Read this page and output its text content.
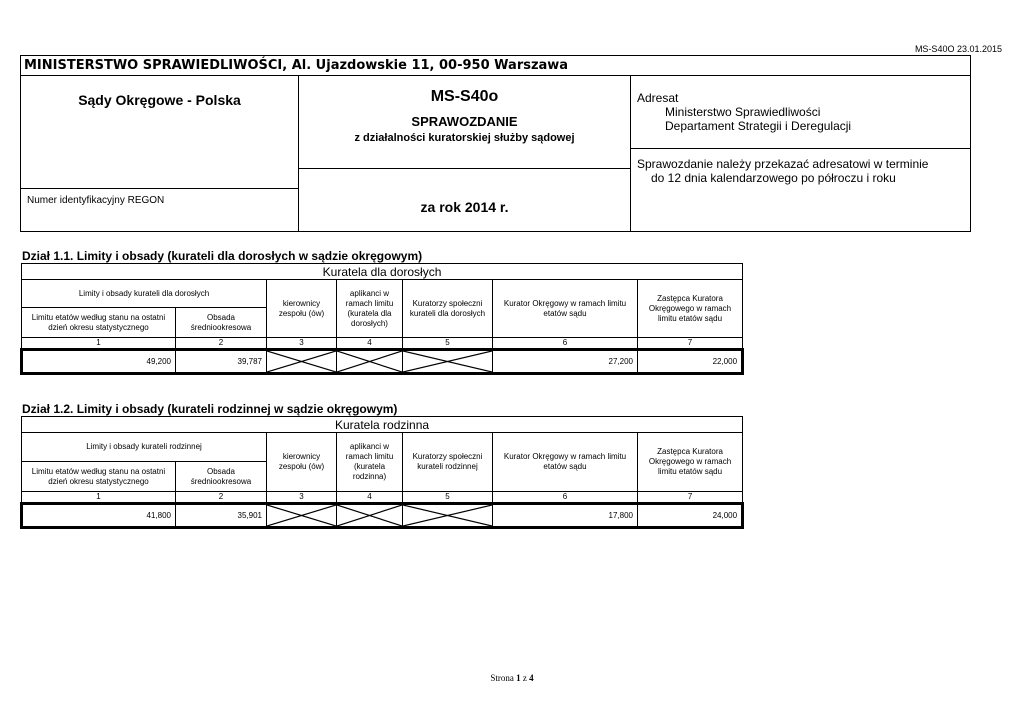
MS-S40O 23.01.2015
MINISTERSTWO SPRAWIEDLIWOŚCI, Al. Ujazdowskie 11, 00-950 Warszawa
Sądy Okręgowe - Polska
Numer identyfikacyjny REGON
MS-S40o
SPRAWOZDANIE
z działalności kuratorskiej służby sądowej
za rok 2014 r.
Adresat
Ministerstwo Sprawiedliwości
Departament Strategii i Deregulacji
Sprawozdanie należy przekazać adresatowi w terminie
do 12 dnia kalendarzowego po półroczu i roku
Dział 1.1. Limity i obsady (kurateli dla dorosłych w sądzie okręgowym)
Kuratela dla dorosłych						
Limity i obsady kurateli dla dorosłych		kierownicy zespołu (ów)	aplikanci w ramach limitu (kuratela dla dorosłych)	Kuratorzy społeczni kurateli dla dorosłych	Kurator Okręgowy w ramach limitu etatów sądu	Zastępca Kuratora Okręgowego w ramach limitu etatów sądu
Limitu etatów według stanu na ostatni dzień okresu statystycznego	Obsada średniookresowa					
1	2	3	4	5	6	7
49,200	39,787				27,200	22,000
Dział 1.2. Limity i obsady (kurateli rodzinnej w sądzie okręgowym)
Kuratela rodzinna						
Limity i obsady kurateli rodzinnej		kierownicy zespołu (ów)	aplikanci w ramach limitu (kuratela rodzinna)	Kuratorzy społeczni kurateli rodzinnej	Kurator Okręgowy w ramach limitu etatów sądu	Zastępca Kuratora Okręgowego w ramach limitu etatów sądu
Limitu etatów według stanu na ostatni dzień okresu statystycznego	Obsada średniookresowa					
1	2	3	4	5	6	7
41,800	35,901				17,800	24,000
Strona 1 z 4
